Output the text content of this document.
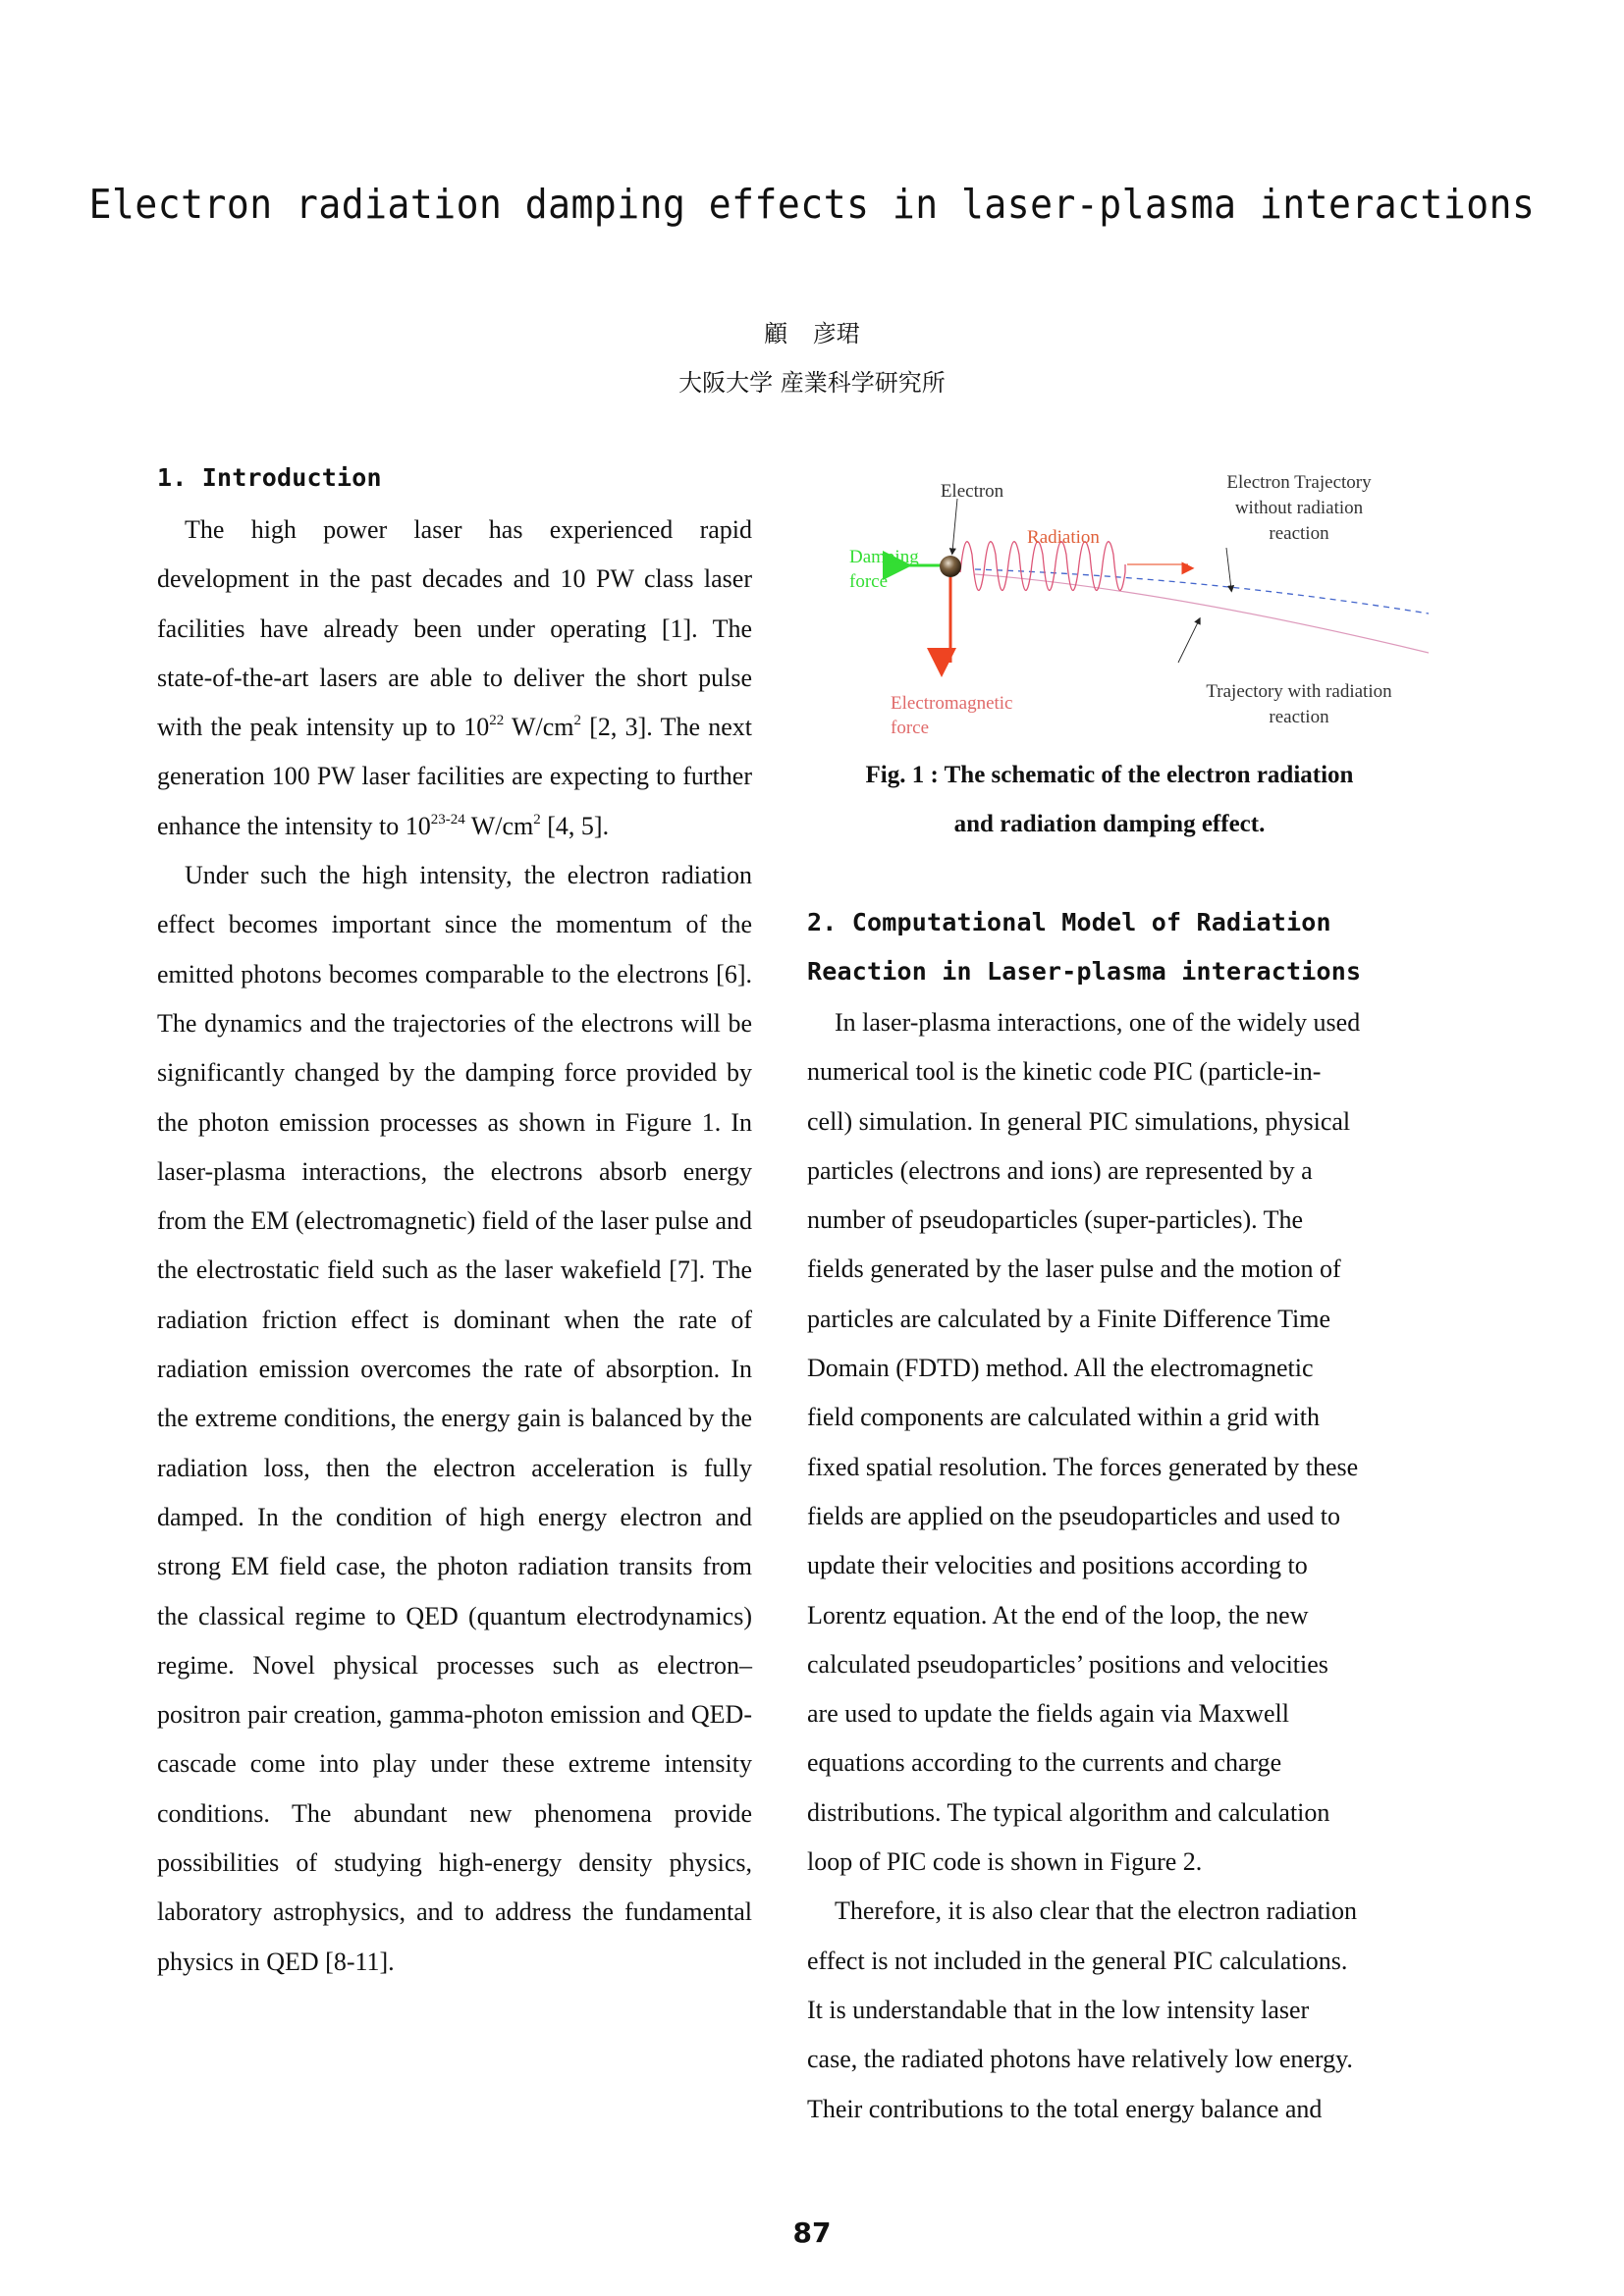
Electron radiation damping effects in laser-plasma interactions
顧 彦珺
大阪大学 産業科学研究所
1. Introduction

The high power laser has experienced rapid development in the past decades and 10 PW class laser facilities have already been under operating [1]. The state-of-the-art lasers are able to deliver the short pulse with the peak intensity up to $10^{22}$ $W/cm^2$ [2, 3]. The next generation 100 PW laser facilities are expecting to further enhance the intensity to 10$^{23-24}$ $W/cm^2$ [4, 5].

Under such the high intensity, the electron radiation effect becomes important since the momentum of the emitted photons becomes comparable to the electrons [6]. The dynamics and the trajectories of the electrons will be significantly changed by the damping force provided by the photon emission processes as shown in Figure 1. In laser-plasma interactions, the electrons absorb energy from the EM (electromagnetic) field of the laser pulse and the electrostatic field such as the laser wakefield [7]. The radiation friction effect is dominant when the rate of radiation emission overcomes the rate of absorption. In the extreme conditions, the energy gain is balanced by the radiation loss, then the electron acceleration is fully damped. In the condition of high energy electron and strong EM field case, the photon radiation transits from the classical regime to QED (quantum electrodynamics) regime. Novel physical processes such as electron–positron pair creation, gamma-photon emission and QED-cascade come into play under these extreme intensity conditions. The abundant new phenomena provide possibilities of studying high-energy density physics, laboratory astrophysics, and to address the fundamental physics in QED [8-11].

Electron
Radiation
Damping
force
Electromagnetic
force
Electron Trajectory
without radiation
reaction
Trajectory with radiation
reaction
Fig. 1 : The schematic of the electron radiation
and radiation damping effect.
2. Computational Model of Radiation
Reaction in Laser-plasma interactions

In laser-plasma interactions, one of the widely used

numerical tool is the kinetic code PIC (particle-in-

cell) simulation. In general PIC simulations, physical

particles (electrons and ions) are represented by a

number of pseudoparticles (super-particles). The

fields generated by the laser pulse and the motion of

particles are calculated by a Finite Difference Time

Domain (FDTD) method. All the electromagnetic

field components are calculated within a grid with

fixed spatial resolution. The forces generated by these

fields are applied on the pseudoparticles and used to

update their velocities and positions according to

Lorentz equation. At the end of the loop, the new

calculated pseudoparticles’ positions and velocities

are used to update the fields again via Maxwell

equations according to the currents and charge

distributions. The typical algorithm and calculation

loop of PIC code is shown in Figure 2.

Therefore, it is also clear that the electron radiation

effect is not included in the general PIC calculations.

It is understandable that in the low intensity laser

case, the radiated photons have relatively low energy.

Their contributions to the total energy balance and

87
